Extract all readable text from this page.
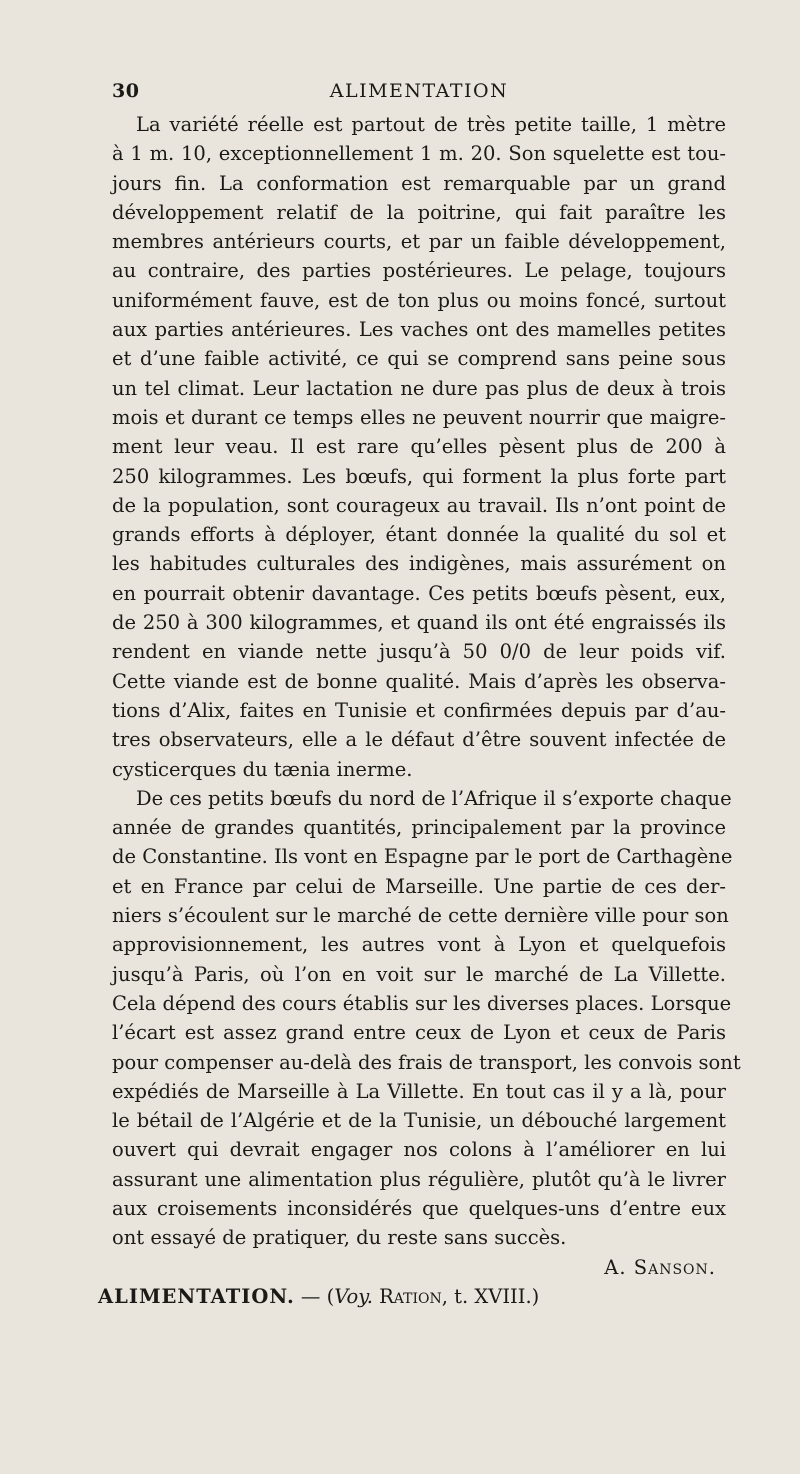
30	ALIMENTATION
La variété réelle est partout de très petite taille, 1 mètre
à 1 m. 10, exceptionnellement 1 m. 20. Son squelette est tou-
jours fin. La conformation est remarquable par un grand
développement relatif de la poitrine, qui fait paraître les
membres antérieurs courts, et par un faible développement,
au contraire, des parties postérieures. Le pelage, toujours
uniformément fauve, est de ton plus ou moins foncé, surtout
aux parties antérieures. Les vaches ont des mamelles petites
et d’une faible activité, ce qui se comprend sans peine sous
un tel climat. Leur lactation ne dure pas plus de deux à trois
mois et durant ce temps elles ne peuvent nourrir que maigre-
ment leur veau. Il est rare qu’elles pèsent plus de 200 à
250 kilogrammes. Les bœufs, qui forment la plus forte part
de la population, sont courageux au travail. Ils n’ont point de
grands efforts à déployer, étant donnée la qualité du sol et
les habitudes culturales des indigènes, mais assurément on
en pourrait obtenir davantage. Ces petits bœufs pèsent, eux,
de 250 à 300 kilogrammes, et quand ils ont été engraissés ils
rendent en viande nette jusqu’à 50 0/0 de leur poids vif.
Cette viande est de bonne qualité. Mais d’après les observa-
tions d’Alix, faites en Tunisie et confirmées depuis par d’au-
tres observateurs, elle a le défaut d’être souvent infectée de
cysticerques du tænia inerme.
De ces petits bœufs du nord de l’Afrique il s’exporte chaque
année de grandes quantités, principalement par la province
de Constantine. Ils vont en Espagne par le port de Carthagène
et en France par celui de Marseille. Une partie de ces der-
niers s’écoulent sur le marché de cette dernière ville pour son
approvisionnement, les autres vont à Lyon et quelquefois
jusqu’à Paris, où l’on en voit sur le marché de La Villette.
Cela dépend des cours établis sur les diverses places. Lorsque
l’écart est assez grand entre ceux de Lyon et ceux de Paris
pour compenser au-delà des frais de transport, les convois sont
expédiés de Marseille à La Villette. En tout cas il y a là, pour
le bétail de l’Algérie et de la Tunisie, un débouché largement
ouvert qui devrait engager nos colons à l’améliorer en lui
assurant une alimentation plus régulière, plutôt qu’à le livrer
aux croisements inconsidérés que quelques-uns d’entre eux
ont essayé de pratiquer, du reste sans succès.
A. Sanson.
ALIMENTATION. — (Voy. Ration, t. XVIII.)
